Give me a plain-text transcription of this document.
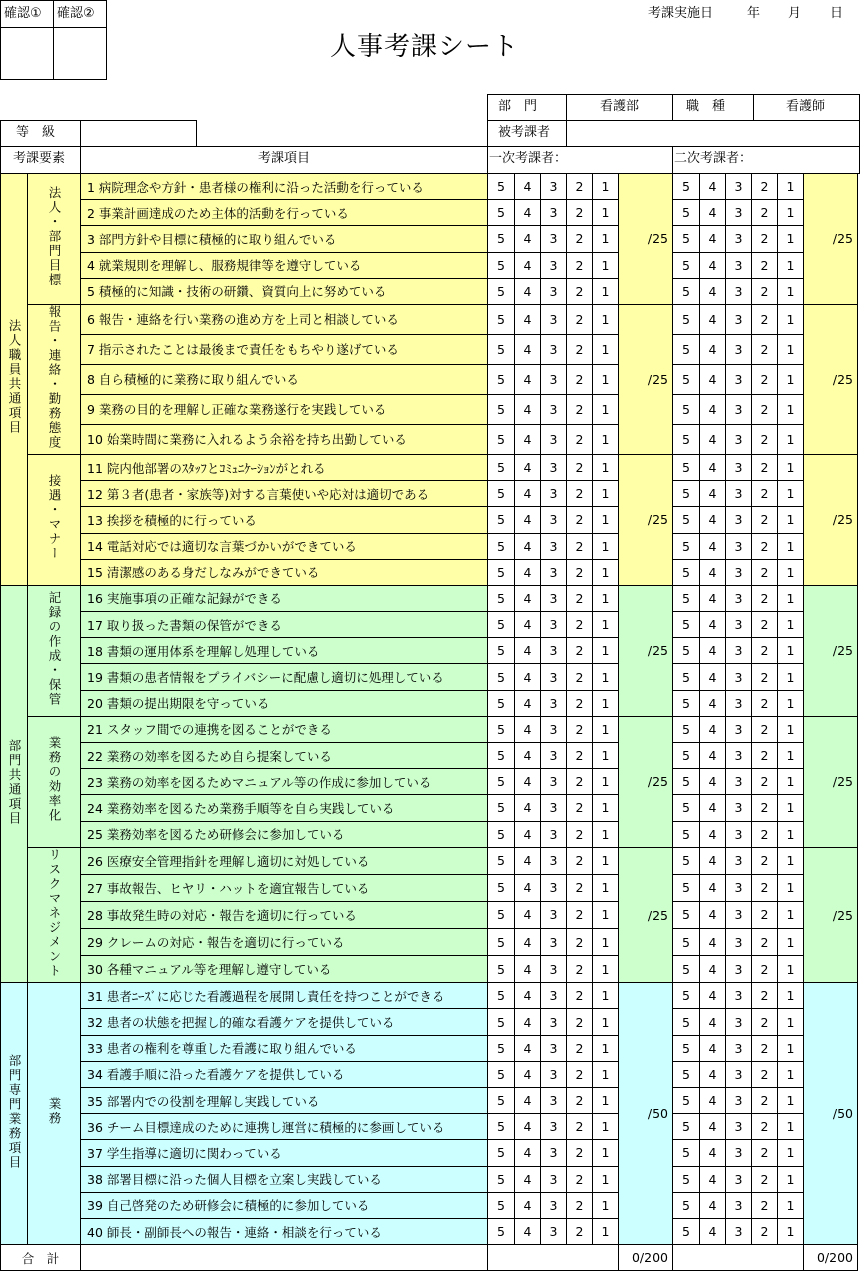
確認① 確認②	考課実施日	年 月 日
人事考課シート
部　門	看護部	職　種	看護師
等　級	被考課者
考課要素	考課項目	一次考課者：	二次考課者：
法人職員共通項目	法人・部門目標	1 病院理念や方針・患者様の権利に沿った活動を行っている	5	4	3	2	1	/25	5	4	3	2	1	/25
		2 事業計画達成のため主体的活動を行っている	5	4	3	2	1		5	4	3	2	1	
		3 部門方針や目標に積極的に取り組んでいる	5	4	3	2	1		5	4	3	2	1	
		4 就業規則を理解し、服務規律等を遵守している	5	4	3	2	1		5	4	3	2	1	
		5 積極的に知識・技術の研鑽、資質向上に努めている	5	4	3	2	1		5	4	3	2	1	
	報告・連絡・勤務態度	6 報告・連絡を行い業務の進め方を上司と相談している	5	4	3	2	1	/25	5	4	3	2	1	/25
		7 指示されたことは最後まで責任をもちやり遂げている	5	4	3	2	1		5	4	3	2	1	
		8 自ら積極的に業務に取り組んでいる	5	4	3	2	1		5	4	3	2	1	
		9 業務の目的を理解し正確な業務遂行を実践している	5	4	3	2	1		5	4	3	2	1	
		10 始業時間に業務に入れるよう余裕を持ち出勤している	5	4	3	2	1		5	4	3	2	1	
	接遇・マナー	11 院内他部署のｽﾀｯﾌとｺﾐｭﾆｹｰｼｮﾝがとれる	5	4	3	2	1	/25	5	4	3	2	1	/25
		12 第３者(患者・家族等)対する言葉使いや応対は適切である	5	4	3	2	1		5	4	3	2	1	
		13 挨拶を積極的に行っている	5	4	3	2	1		5	4	3	2	1	
		14 電話対応では適切な言葉づかいができている	5	4	3	2	1		5	4	3	2	1	
		15 清潔感のある身だしなみができている	5	4	3	2	1		5	4	3	2	1	
部門共通項目	記録の作成・保管	16 実施事項の正確な記録ができる	5	4	3	2	1	/25	5	4	3	2	1	/25
		17 取り扱った書類の保管ができる	5	4	3	2	1		5	4	3	2	1	
		18 書類の運用体系を理解し処理している	5	4	3	2	1		5	4	3	2	1	
		19 書類の患者情報をプライバシーに配慮し適切に処理している	5	4	3	2	1		5	4	3	2	1	
		20 書類の提出期限を守っている	5	4	3	2	1		5	4	3	2	1	
	業務の効率化	21 スタッフ間での連携を図ることができる	5	4	3	2	1	/25	5	4	3	2	1	/25
		22 業務の効率を図るため自ら提案している	5	4	3	2	1		5	4	3	2	1	
		23 業務の効率を図るためマニュアル等の作成に参加している	5	4	3	2	1		5	4	3	2	1	
		24 業務効率を図るため業務手順等を自ら実践している	5	4	3	2	1		5	4	3	2	1	
		25 業務効率を図るため研修会に参加している	5	4	3	2	1		5	4	3	2	1	
	リスクマネジメント	26 医療安全管理指針を理解し適切に対処している	5	4	3	2	1	/25	5	4	3	2	1	/25
		27 事故報告、ヒヤリ・ハットを適宜報告している	5	4	3	2	1		5	4	3	2	1	
		28 事故発生時の対応・報告を適切に行っている	5	4	3	2	1		5	4	3	2	1	
		29 クレームの対応・報告を適切に行っている	5	4	3	2	1		5	4	3	2	1	
		30 各種マニュアル等を理解し遵守している	5	4	3	2	1		5	4	3	2	1	
部門専門業務項目	業務	31 患者ﾆｰｽﾞに応じた看護過程を展開し責任を持つことができる	5	4	3	2	1	/50	5	4	3	2	1	/50
		32 患者の状態を把握し的確な看護ケアを提供している	5	4	3	2	1		5	4	3	2	1	
		33 患者の権利を尊重した看護に取り組んでいる	5	4	3	2	1		5	4	3	2	1	
		34 看護手順に沿った看護ケアを提供している	5	4	3	2	1		5	4	3	2	1	
		35 部署内での役割を理解し実践している	5	4	3	2	1		5	4	3	2	1	
		36 チーム目標達成のために連携し運営に積極的に参画している	5	4	3	2	1		5	4	3	2	1	
		37 学生指導に適切に関わっている	5	4	3	2	1		5	4	3	2	1	
		38 部署目標に沿った個人目標を立案し実践している	5	4	3	2	1		5	4	3	2	1	
		39 自己啓発のため研修会に積極的に参加している	5	4	3	2	1		5	4	3	2	1	
		40 師長・副師長への報告・連絡・相談を行っている	5	4	3	2	1		5	4	3	2	1	
合　計								0/200						0/200
